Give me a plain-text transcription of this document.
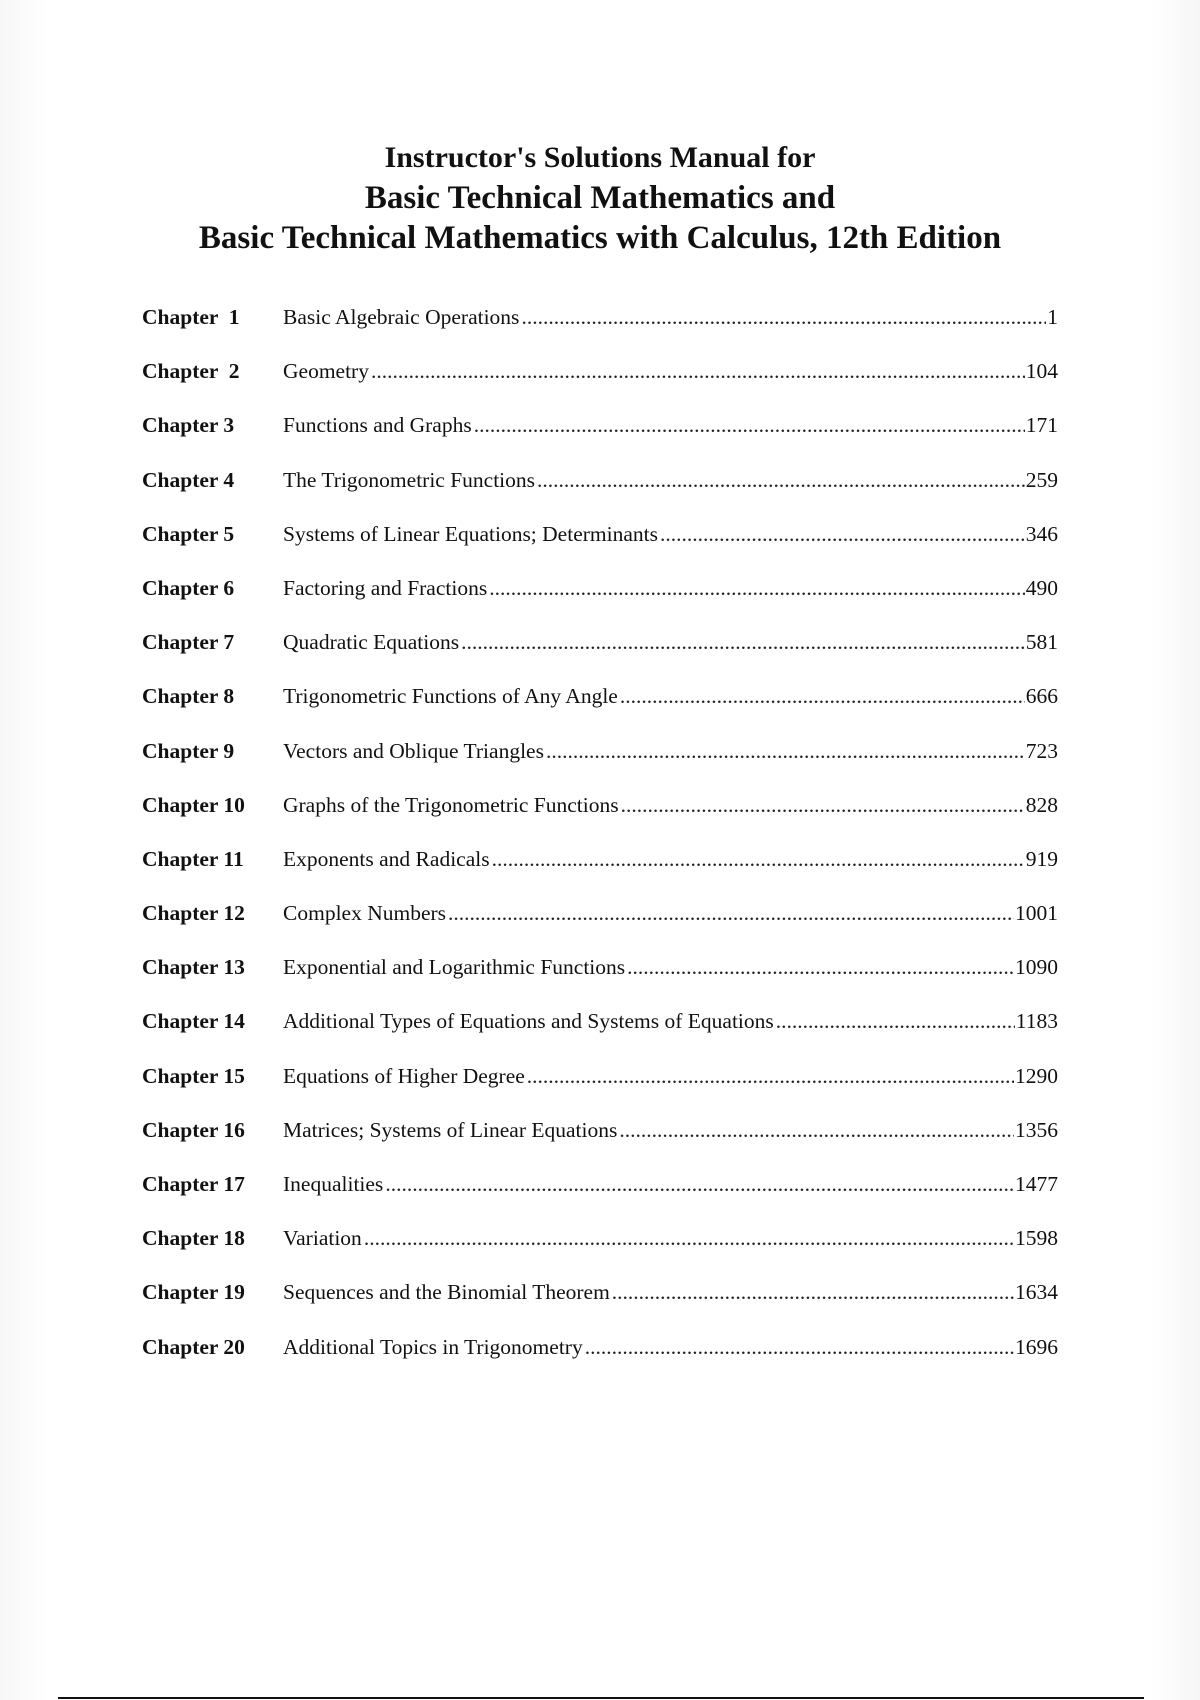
Instructor's Solutions Manual for
Basic Technical Mathematics and
Basic Technical Mathematics with Calculus, 12th Edition
Chapter  1	Basic Algebraic Operations .....	1
Chapter  2	Geometry .....	104
Chapter 3	Functions and Graphs .....	171
Chapter 4	The Trigonometric Functions .....	259
Chapter 5	Systems of Linear Equations; Determinants .....	346
Chapter 6	Factoring and Fractions .....	490
Chapter 7	Quadratic Equations .....	581
Chapter 8	Trigonometric Functions of Any Angle .....	666
Chapter 9	Vectors and Oblique Triangles .....	723
Chapter 10	Graphs of the Trigonometric Functions .....	828
Chapter 11	Exponents and Radicals .....	919
Chapter 12	Complex Numbers .....	1001
Chapter 13	Exponential and Logarithmic Functions .....	1090
Chapter 14	Additional Types of Equations and Systems of Equations .....	1183
Chapter 15	Equations of Higher Degree .....	1290
Chapter 16	Matrices; Systems of Linear Equations .....	1356
Chapter 17	Inequalities .....	1477
Chapter 18	Variation .....	1598
Chapter 19	Sequences and the Binomial Theorem .....	1634
Chapter 20	Additional Topics in Trigonometry .....	1696
